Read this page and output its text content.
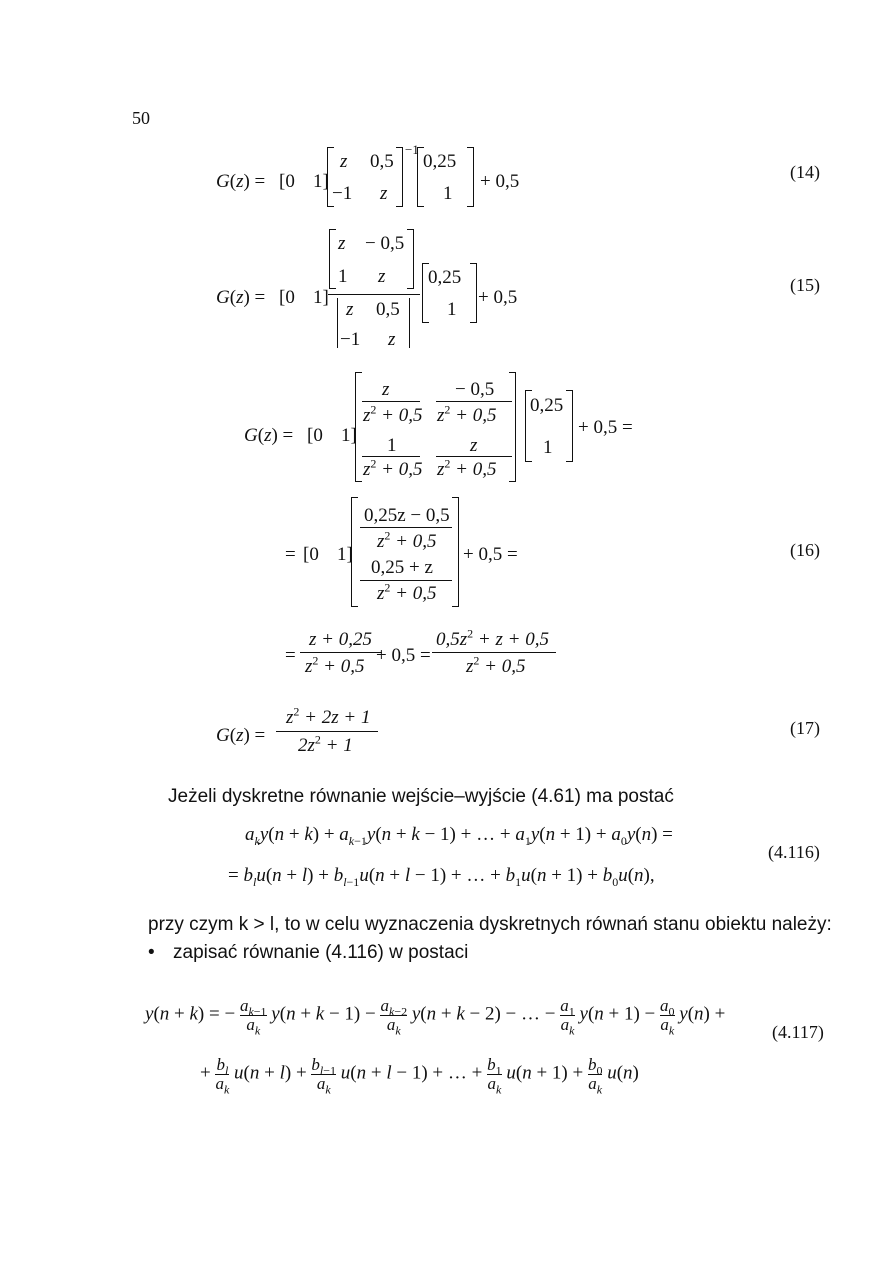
50
G(z) = [0 1]
z 0,5
−1 z
−1
0,25
1
+ 0,5	(14)
G(z) = [0 1]
z − 0,5
1 z
z 0,5
−1 z
0,25
1
+ 0,5
(15)
G(z) = [0 1]
z
$z^2 + 0,5$
− 0,5
$z^2 + 0,5$
1
$z^2 + 0,5$
z
$z^2 + 0,5$
0,25
1
+ 0,5 =
= [0 1]
0,25z − 0,5
$z^2 + 0,5$
0,25 + z
$z^2 + 0,5$
+ 0,5 =	(16)
=
z + 0,25
$z^2 + 0,5$
+ 0,5 =
$0,5z^2 + z + 0,5$
$z^2 + 0,5$
G(z) =
$z^2 + 2z + 1$
$2z^2 + 1$
(17)
Jeżeli dyskretne równanie wejście–wyjście (4.61) ma postać
$a_ky(n + k) + a_{k-1}y(n + k - 1)$ + … + $a_1y(n + 1) + a_0y(n)$ =
= $b_lu(n + l) + b_{l-1}u(n + l - 1)$ + … + $b_1u(n + 1) + b_0u(n)$,
(4.116)
przy czym k > l, to w celu wyznaczenia dyskretnych równań stanu obiektu należy:
• zapisać równanie (4.116) w postaci
y(n + k) = − $a_{k-1}$

$a_k$ $y(n + k - 1) - a_{k-2}$

$a_k$ y(n + k − 2) − … − $a_1$

$a_k$ $y(n + 1) - a_0$

$a_k$ y(n) +
+ $b_l$

$a_k$ $u(n + l) + b_{l-1}$

$a_k$ u(n + l − 1) + … + $b_1$

$a_k$ $u(n + 1) + b_0$

$a_k$ u(n)
(4.117)
